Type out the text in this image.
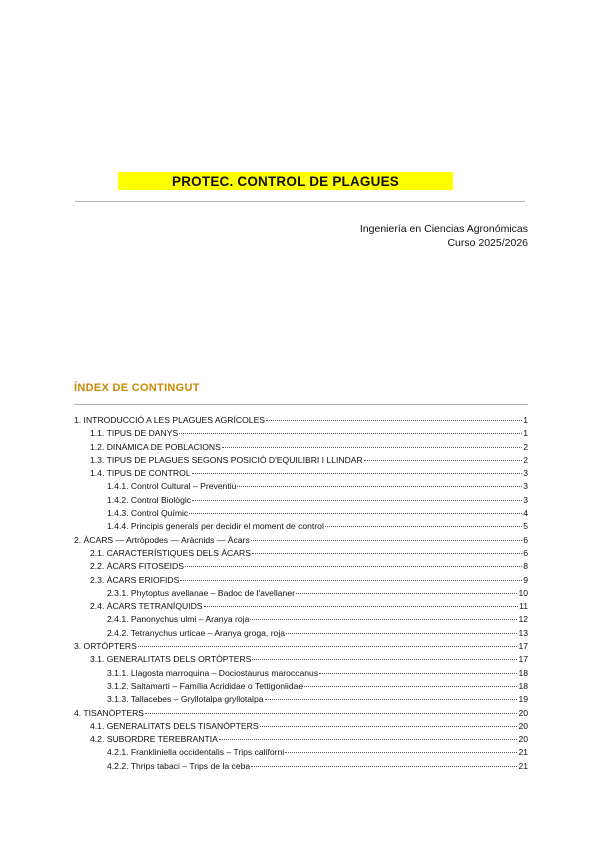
PROTEC. CONTROL DE PLAGUES
Ingeniería en Ciencias Agronómicas
Curso 2025/2026
ÍNDEX DE CONTINGUT
1. INTRODUCCIÓ A LES PLAGUES AGRÍCOLES	1
1.1. TIPUS DE DANYS	1
1.2. DINÀMICA DE POBLACIONS	2
1.3. TIPUS DE PLAGUES SEGONS POSICIÓ D'EQUILIBRI I LLINDAR	2
1.4. TIPUS DE CONTROL	3
1.4.1. Control Cultural – Preventiu	3
1.4.2. Control Biològic	3
1.4.3. Control Químic	4
1.4.4. Principis generals per decidir el moment de control	5
2. ÀCARS — Artròpodes — Aràcnids — Àcars	6
2.1. CARACTERÍSTIQUES DELS ÀCARS	6
2.2. ÀCARS FITOSEIDS	8
2.3. ÀCARS ERIOFIDS	9
2.3.1. Phytoptus avellanae – Badoc de l'avellaner	10
2.4. ÀCARS TETRANÍQUIDS	11
2.4.1. Panonychus ulmi – Aranya roja	12
2.4.2. Tetranychus urticae – Aranya groga, roja	13
3. ORTÒPTERS	17
3.1. GENERALITATS DELS ORTÒPTERS	17
3.1.1. Llagosta marroquina – Dociostaurus maroccanus	18
3.1.2. Saltamartí – Família Acrididae o Tettigoniidae	18
3.1.3. Tallacebes – Gryllotalpa gryllotalpa	19
4. TISANÒPTERS	20
4.1. GENERALITATS DELS TISANÒPTERS	20
4.2. SUBORDRE TEREBRANTIA	20
4.2.1. Frankliniella occidentalis – Trips californi	21
4.2.2. Thrips tabaci – Trips de la ceba	21
